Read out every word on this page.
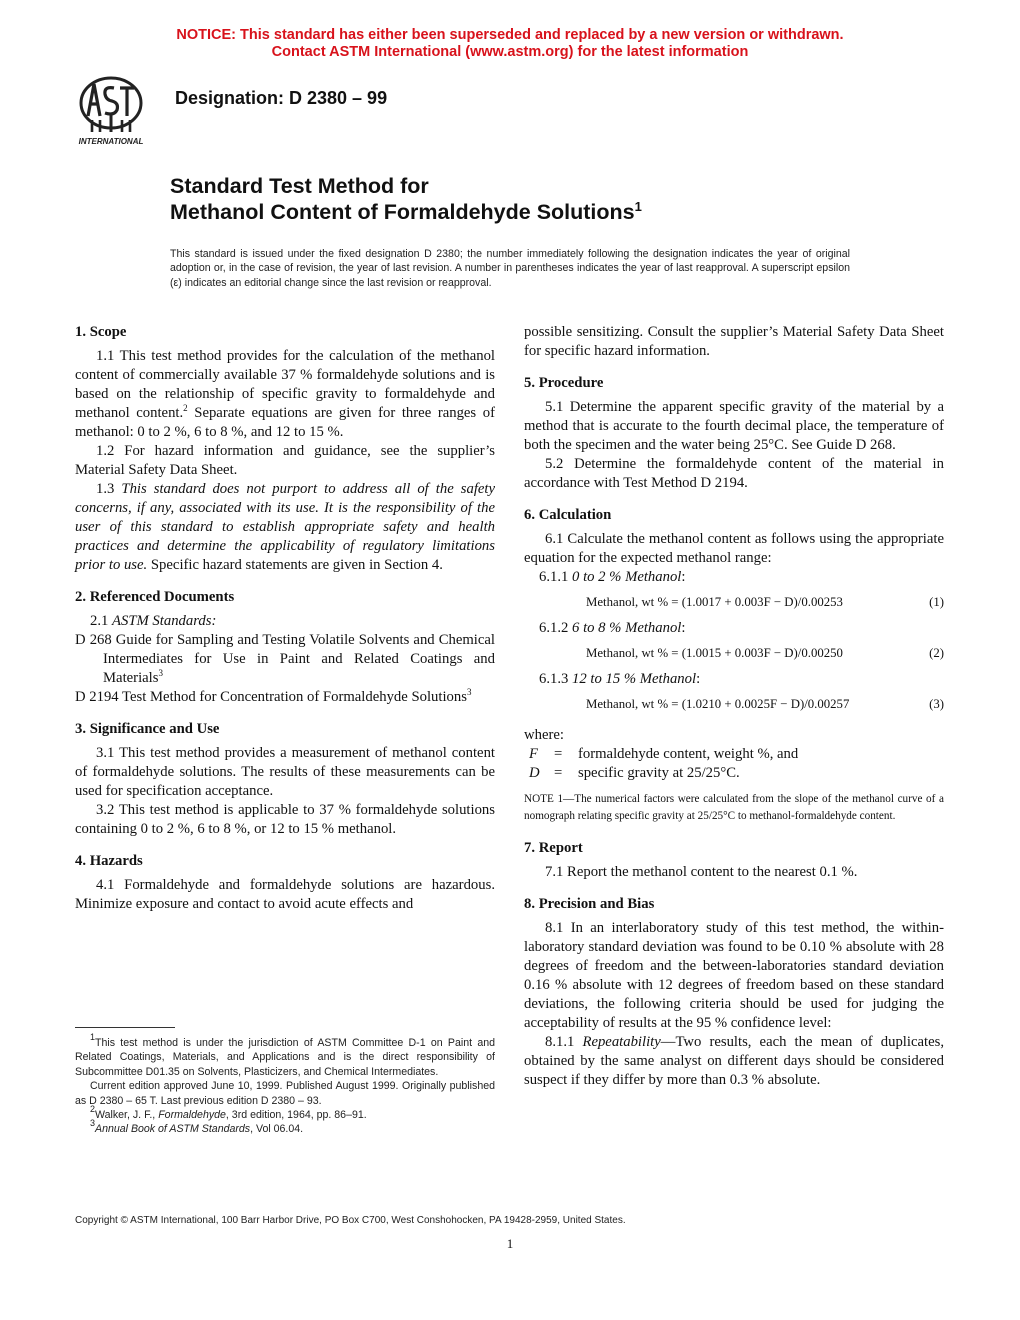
NOTICE: This standard has either been superseded and replaced by a new version or withdrawn.
Contact ASTM International (www.astm.org) for the latest information
INTERNATIONAL
Designation: D 2380 – 99
Standard Test Method for
Methanol Content of Formaldehyde Solutions$^1$
This standard is issued under the fixed designation D 2380; the number immediately following the designation indicates the year of original adoption or, in the case of revision, the year of last revision. A number in parentheses indicates the year of last reapproval. A superscript epsilon (ε) indicates an editorial change since the last revision or reapproval.
1. Scope

1.1 This test method provides for the calculation of the methanol content of commercially available 37 % formaldehyde solutions and is based on the relationship of specific gravity to formaldehyde and methanol content.$^2$ Separate equations are given for three ranges of methanol: 0 to 2 %, 6 to 8 %, and 12 to 15 %.

1.2 For hazard information and guidance, see the supplier’s Material Safety Data Sheet.

1.3 This standard does not purport to address all of the safety concerns, if any, associated with its use. It is the responsibility of the user of this standard to establish appropriate safety and health practices and determine the applicability of regulatory limitations prior to use. Specific hazard statements are given in Section 4.

2. Referenced Documents

2.1 ASTM Standards:

D 268 Guide for Sampling and Testing Volatile Solvents and Chemical Intermediates for Use in Paint and Related Coatings and Materials$^3$

D 2194 Test Method for Concentration of Formaldehyde Solutions$^3$

3. Significance and Use

3.1 This test method provides a measurement of methanol content of formaldehyde solutions. The results of these measurements can be used for specification acceptance.

3.2 This test method is applicable to 37 % formaldehyde solutions containing 0 to 2 %, 6 to 8 %, or 12 to 15 % methanol.

4. Hazards

4.1 Formaldehyde and formaldehyde solutions are hazardous. Minimize exposure and contact to avoid acute effects and

possible sensitizing. Consult the supplier’s Material Safety Data Sheet for specific hazard information.

5. Procedure

5.1 Determine the apparent specific gravity of the material by a method that is accurate to the fourth decimal place, the temperature of both the specimen and the water being 25°C. See Guide D 268.

5.2 Determine the formaldehyde content of the material in accordance with Test Method D 2194.

6. Calculation

6.1 Calculate the methanol content as follows using the appropriate equation for the expected methanol range:

6.1.1 0 to 2 % Methanol:

Methanol, wt % = (1.0017 + 0.003F − D)/0.00253	(1)

6.1.2 6 to 8 % Methanol:

Methanol, wt % = (1.0015 + 0.003F − D)/0.00250	(2)

6.1.3 12 to 15 % Methanol:

Methanol, wt % = (1.0210 + 0.0025F − D)/0.00257	(3)

where:

F = formaldehyde content, weight %, and
D = specific gravity at 25/25°C.

NOTE 1—The numerical factors were calculated from the slope of the methanol curve of a nomograph relating specific gravity at 25/25°C to methanol-formaldehyde content.

7. Report

7.1 Report the methanol content to the nearest 0.1 %.

8. Precision and Bias

8.1 In an interlaboratory study of this test method, the within-laboratory standard deviation was found to be 0.10 % absolute with 28 degrees of freedom and the between-laboratories standard deviation 0.16 % absolute with 12 degrees of freedom based on these standard deviations, the following criteria should be used for judging the acceptability of results at the 95 % confidence level:

8.1.1 Repeatability—Two results, each the mean of duplicates, obtained by the same analyst on different days should be considered suspect if they differ by more than 0.3 % absolute.

$^1$This test method is under the jurisdiction of ASTM Committee D-1 on Paint and Related Coatings, Materials, and Applications and is the direct responsibility of Subcommittee D01.35 on Solvents, Plasticizers, and Chemical Intermediates.

Current edition approved June 10, 1999. Published August 1999. Originally published as D 2380 – 65 T. Last previous edition D 2380 – 93.

$^2$Walker, J. F., Formaldehyde, 3rd edition, 1964, pp. 86–91.

$^3$Annual Book of ASTM Standards, Vol 06.04.

Copyright © ASTM International, 100 Barr Harbor Drive, PO Box C700, West Conshohocken, PA 19428-2959, United States.
1
